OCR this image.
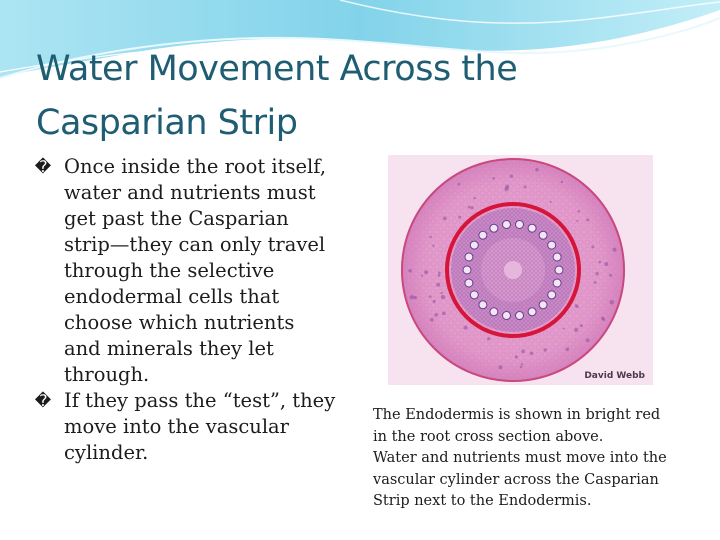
Water Movement Across the
Casparian Strip
� Once inside the root itself,
water and nutrients must
get past the Casparian
strip—they can only travel
through the selective
endodermal cells that
choose which nutrients
and minerals they let
through.
� If they pass the “test”, they
move into the vascular
cylinder.
David Webb
The Endodermis is shown in bright red
in the root cross section above.
Water and nutrients must move into the
vascular cylinder across the Casparian
Strip next to the Endodermis.
